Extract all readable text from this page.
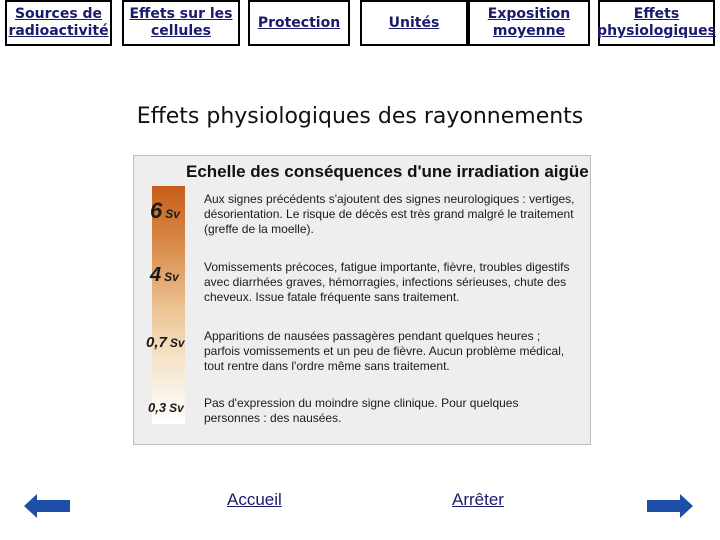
Sources de radioactivité
Effets sur les cellules
Protection	Unités
Exposition moyenne
Effets physiologiques
Effets physiologiques des rayonnements
Echelle des conséquences d'une irradiation aigüe
6 Sv
4 Sv
0,7 Sv
0,3 Sv
Aux signes précédents s'ajoutent des signes neurologiques : vertiges, désorientation. Le risque de décès est très grand malgré le traitement (greffe de la moelle).
Vomissements précoces, fatigue importante, fièvre, troubles digestifs avec diarrhées graves, hémorragies, infections sérieuses, chute des cheveux. Issue fatale fréquente sans traitement.
Apparitions de nausées passagères pendant quelques heures ; parfois vomissements et un peu de fièvre. Aucun problème médical, tout rentre dans l'ordre même sans traitement.
Pas d'expression du moindre signe clinique. Pour quelques personnes : des nausées.
Accueil	Arrêter
